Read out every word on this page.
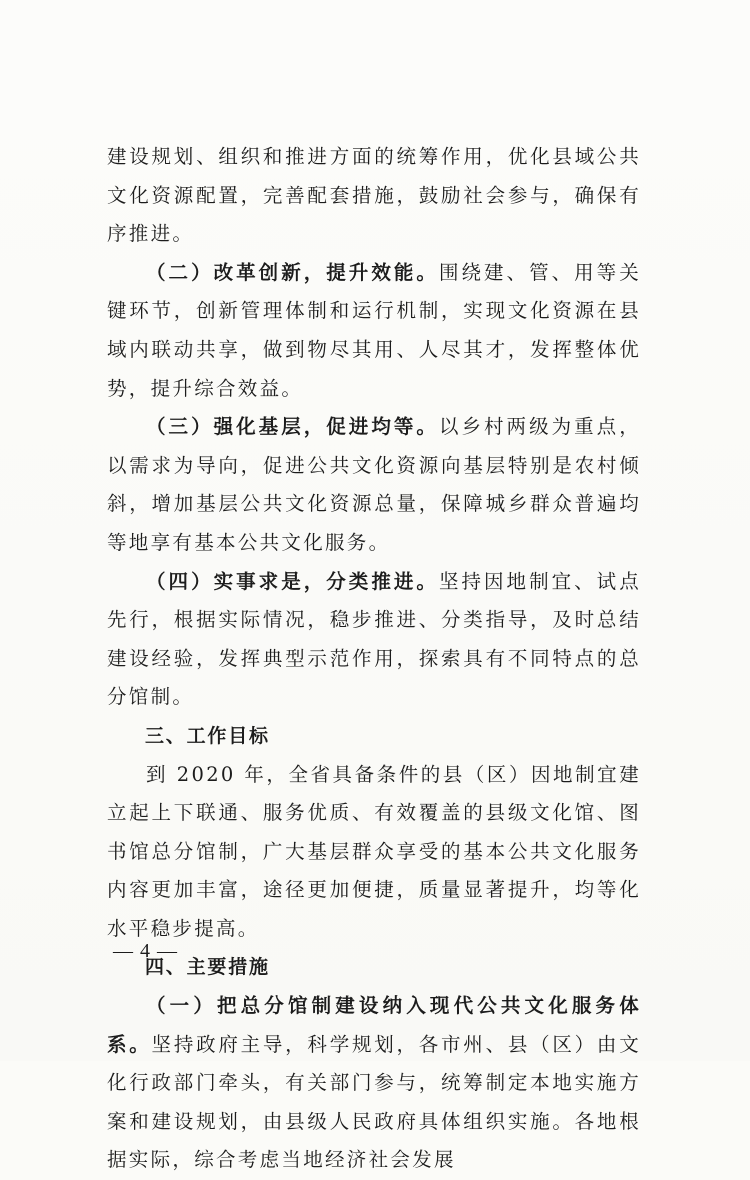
建设规划、组织和推进方面的统筹作用，优化县域公共文化资源配置，完善配套措施，鼓励社会参与，确保有序推进。

（二）改革创新，提升效能。围绕建、管、用等关键环节，创新管理体制和运行机制，实现文化资源在县域内联动共享，做到物尽其用、人尽其才，发挥整体优势，提升综合效益。

（三）强化基层，促进均等。以乡村两级为重点，以需求为导向，促进公共文化资源向基层特别是农村倾斜，增加基层公共文化资源总量，保障城乡群众普遍均等地享有基本公共文化服务。

（四）实事求是，分类推进。坚持因地制宜、试点先行，根据实际情况，稳步推进、分类指导，及时总结建设经验，发挥典型示范作用，探索具有不同特点的总分馆制。

三、工作目标

到 2020 年，全省具备条件的县（区）因地制宜建立起上下联通、服务优质、有效覆盖的县级文化馆、图书馆总分馆制，广大基层群众享受的基本公共文化服务内容更加丰富，途径更加便捷，质量显著提升，均等化水平稳步提高。

四、主要措施

（一）把总分馆制建设纳入现代公共文化服务体系。坚持政府主导，科学规划，各市州、县（区）由文化行政部门牵头，有关部门参与，统筹制定本地实施方案和建设规划，由县级人民政府具体组织实施。各地根据实际，综合考虑当地经济社会发展

— 4 —
